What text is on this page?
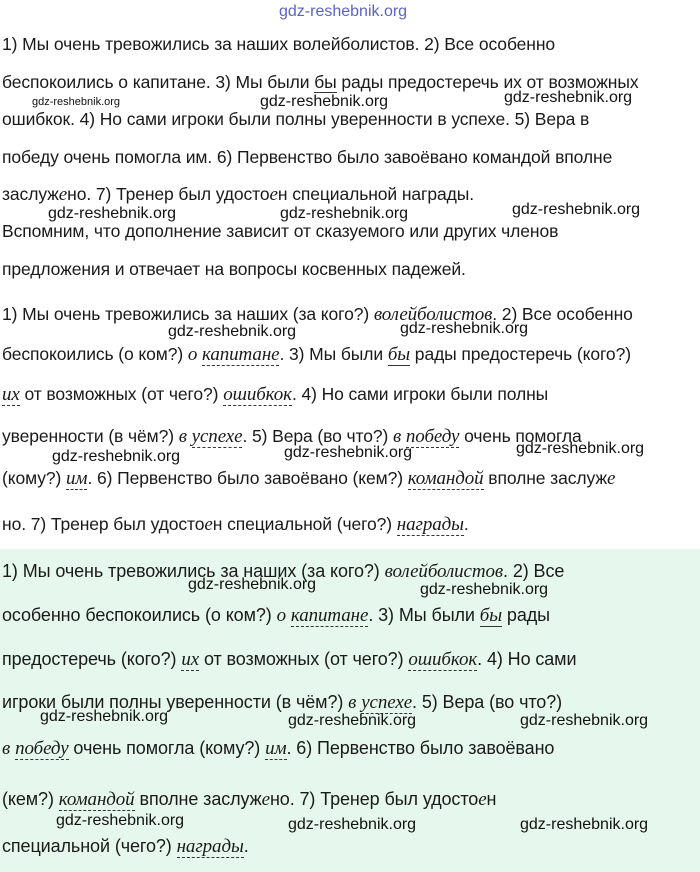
gdz-reshebnik.org
1) Мы очень тревожились за наших волейболистов. 2) Все особенно
беспокоились о капитане. 3) Мы были бы рады предостеречь их от возможных
ошибкок. 4) Но сами игроки были полны уверенности в успехе. 5) Вера в
победу очень помогла им. 6) Первенство было завоёвано командой вполне
заслужено. 7) Тренер был удостоен специальной награды.
Вспомним, что дополнение зависит от сказуемого или других членов
предложения и отвечает на вопросы косвенных падежей.
1) Мы очень тревожились за наших (за кого?) волейболистов. 2) Все особенно
беспокоились (о ком?) о капитане. 3) Мы были бы рады предостеречь (кого?)
их от возможных (от чего?) ошибкок. 4) Но сами игроки были полны
уверенности (в чём?) в успехе. 5) Вера (во что?) в победу очень помогла
(кому?) им. 6) Первенство было завоёвано (кем?) командой вполне заслуже
но. 7) Тренер был удостоен специальной (чего?) награды.
1) Мы очень тревожились за наших (за кого?) волейболистов. 2) Все
особенно беспокоились (о ком?) о капитане. 3) Мы были бы рады
предостеречь (кого?) их от возможных (от чего?) ошибкок. 4) Но сами
игроки были полны уверенности (в чём?) в успехе. 5) Вера (во что?)
в победу очень помогла (кому?) им. 6) Первенство было завоёвано
(кем?) командой вполне заслужено. 7) Тренер был удостоен
специальной (чего?) награды.
gdz-reshebnik.org	gdz-reshebnik.org	gdz-reshebnik.org
gdz-reshebnik.org	gdz-reshebnik.org	gdz-reshebnik.org
gdz-reshebnik.org	gdz-reshebnik.org
gdz-reshebnik.org	gdz-reshebnik.org	gdz-reshebnik.org
gdz-reshebnik.org	gdz-reshebnik.org
gdz-reshebnik.org	gdz-reshebnik.org	gdz-reshebnik.org
gdz-reshebnik.org	gdz-reshebnik.org	gdz-reshebnik.org
